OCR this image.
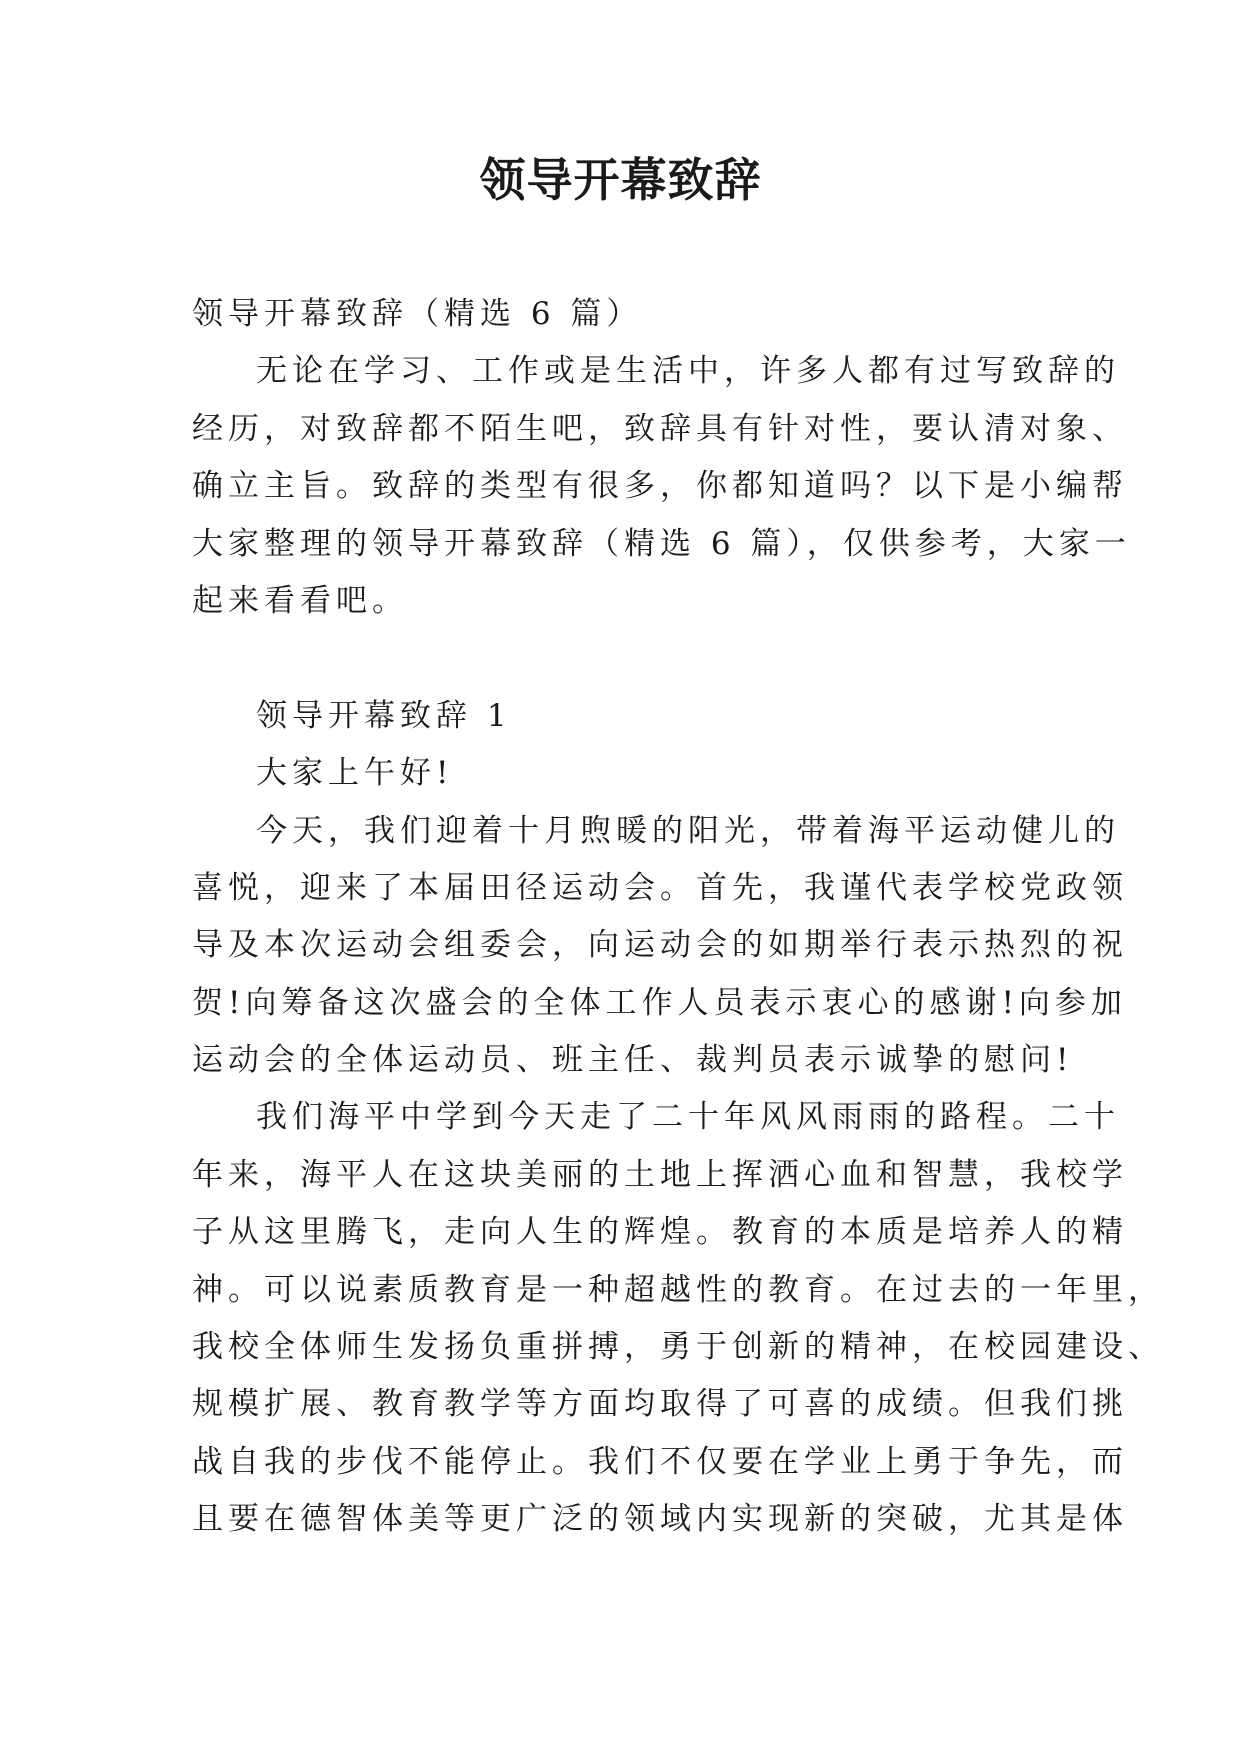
领导开幕致辞
领导开幕致辞（精选 6 篇）
无论在学习、工作或是生活中，许多人都有过写致辞的
经历，对致辞都不陌生吧，致辞具有针对性，要认清对象、
确立主旨。致辞的类型有很多，你都知道吗？以下是小编帮
大家整理的领导开幕致辞（精选 6 篇），仅供参考，大家一
起来看看吧。
领导开幕致辞 1
大家上午好!
今天，我们迎着十月煦暖的阳光，带着海平运动健儿的
喜悦，迎来了本届田径运动会。首先，我谨代表学校党政领
导及本次运动会组委会，向运动会的如期举行表示热烈的祝
贺!向筹备这次盛会的全体工作人员表示衷心的感谢!向参加
运动会的全体运动员、班主任、裁判员表示诚挚的慰问!
我们海平中学到今天走了二十年风风雨雨的路程。二十
年来，海平人在这块美丽的土地上挥洒心血和智慧，我校学
子从这里腾飞，走向人生的辉煌。教育的本质是培养人的精
神。可以说素质教育是一种超越性的教育。在过去的一年里，
我校全体师生发扬负重拼搏，勇于创新的精神，在校园建设、
规模扩展、教育教学等方面均取得了可喜的成绩。但我们挑
战自我的步伐不能停止。我们不仅要在学业上勇于争先，而
且要在德智体美等更广泛的领域内实现新的突破，尤其是体
